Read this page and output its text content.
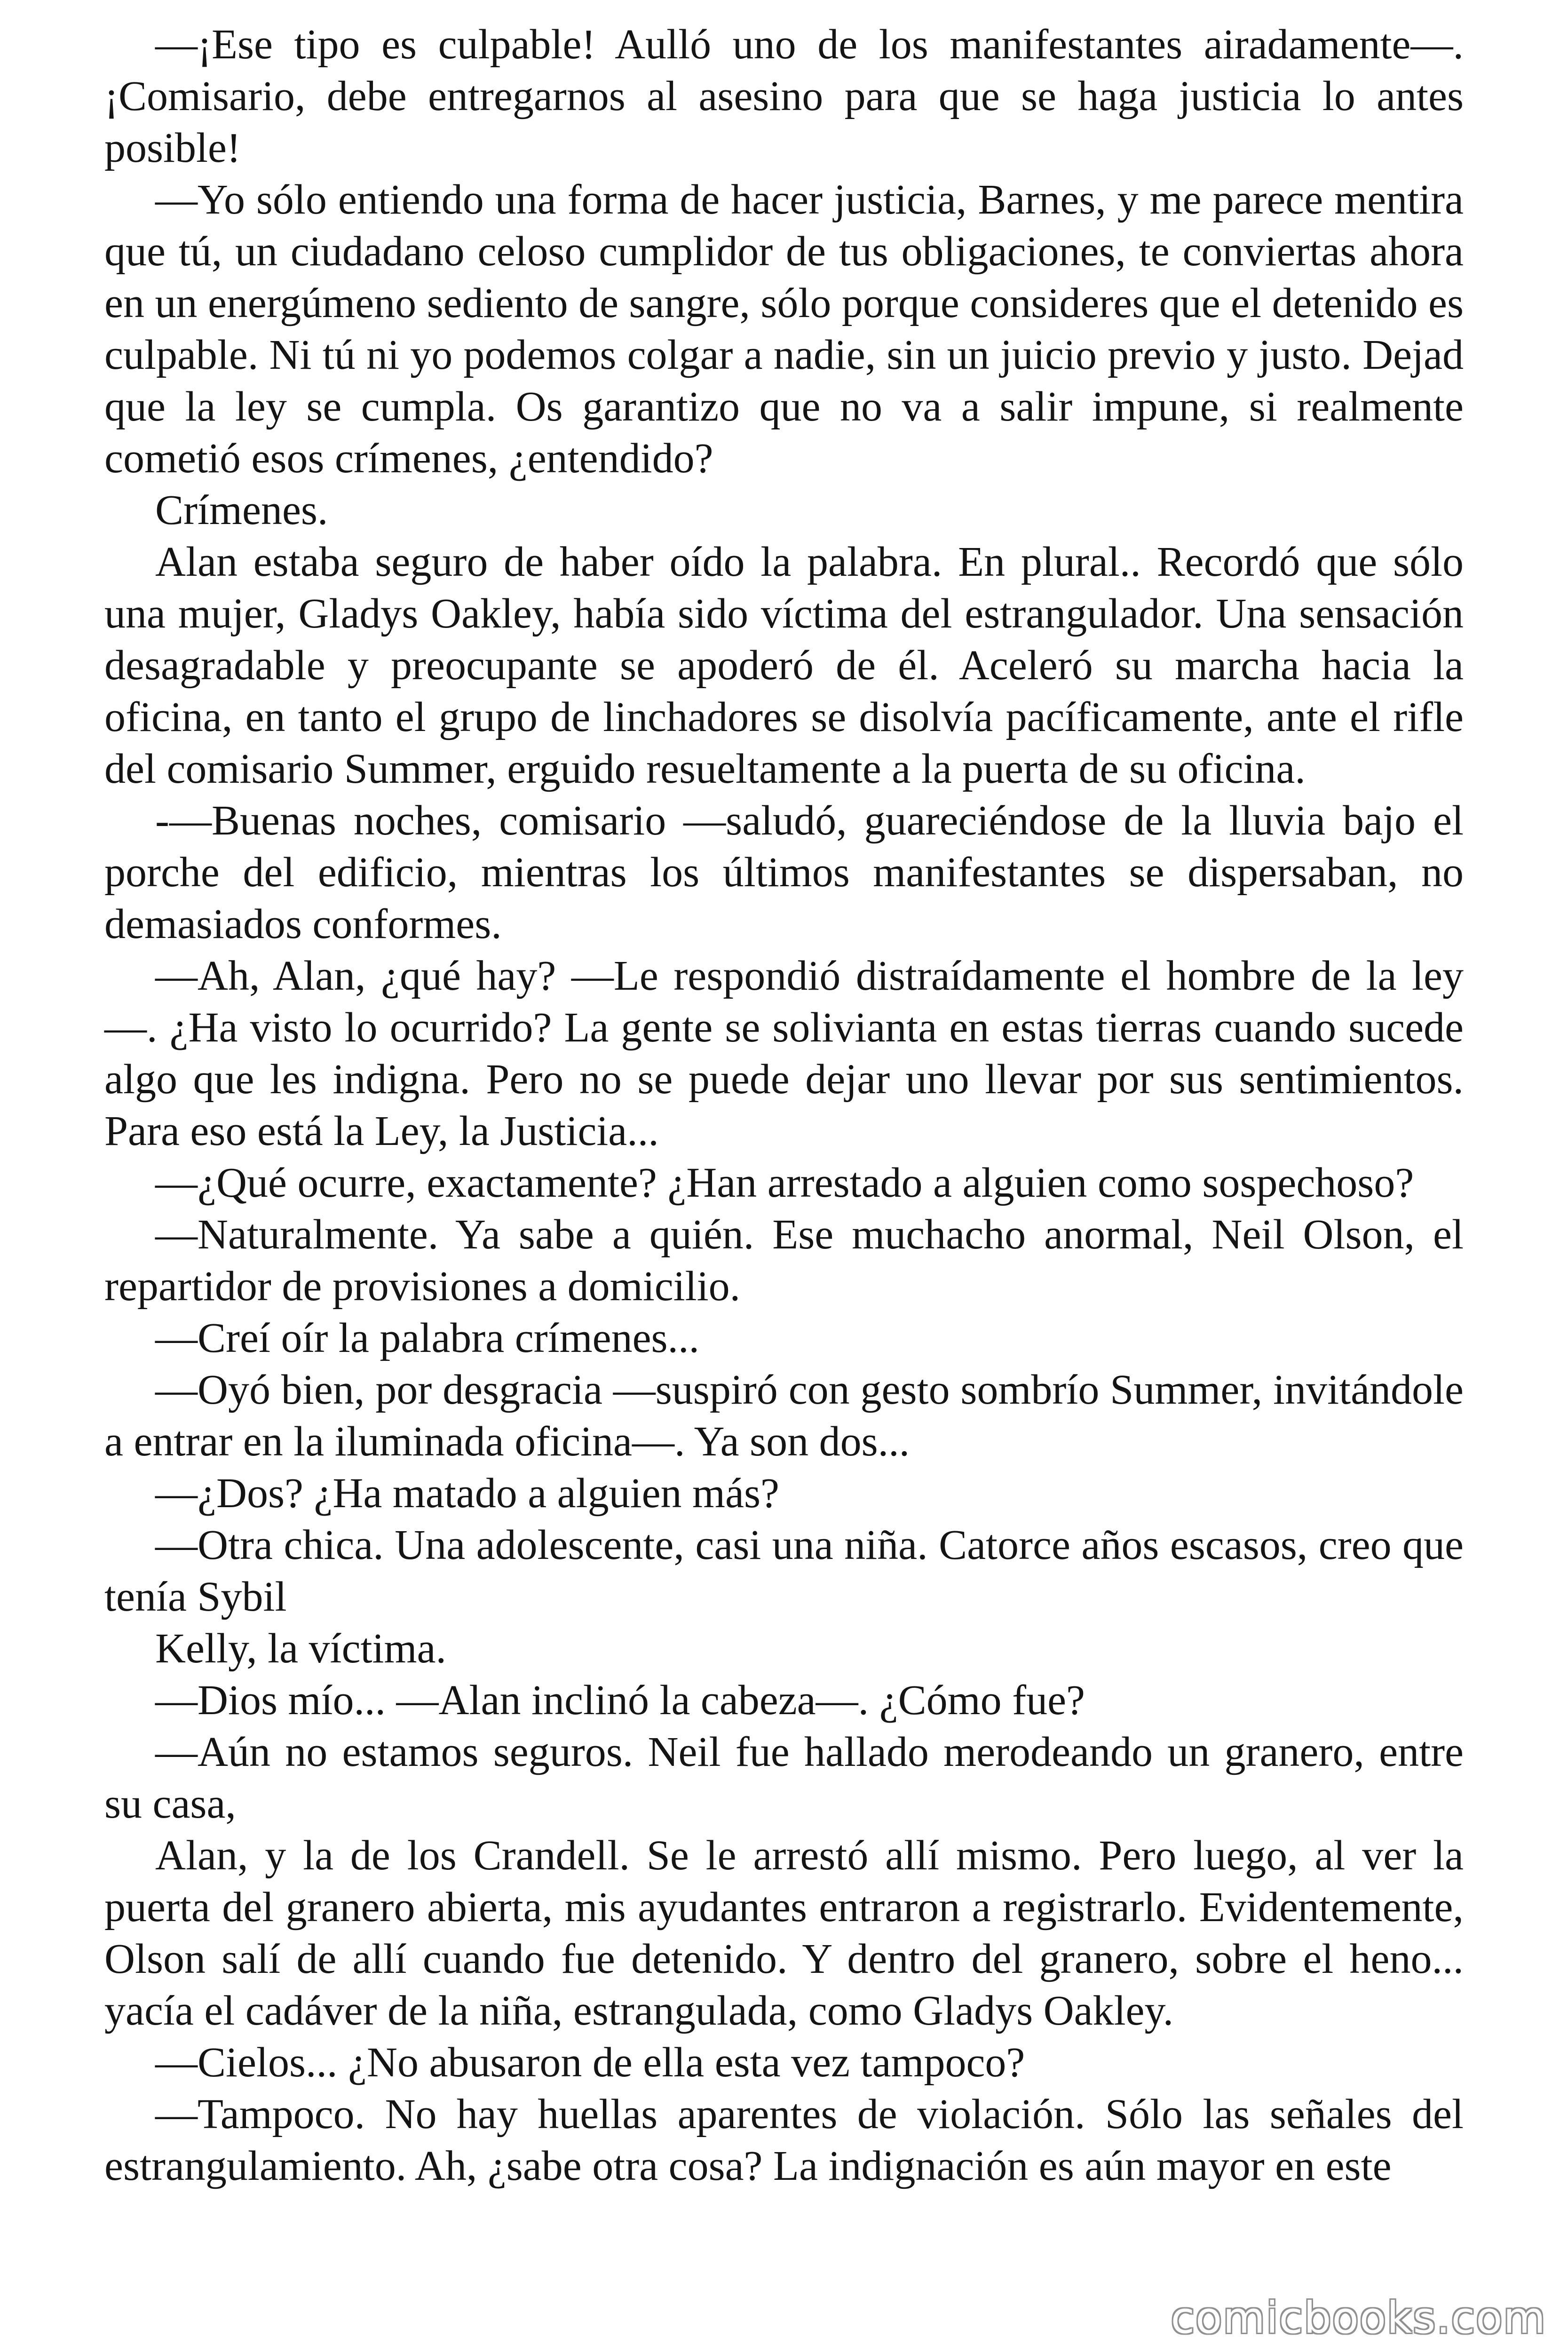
—¡Ese tipo es culpable! Aulló uno de los manifestantes airadamente—. ¡Comisario, debe entregarnos al asesino para que se haga justicia lo antes posible!

—Yo sólo entiendo una forma de hacer justicia, Barnes, y me parece mentira que tú, un ciudadano celoso cumplidor de tus obligaciones, te conviertas ahora en un energúmeno sediento de sangre, sólo porque consideres que el detenido es culpable. Ni tú ni yo podemos colgar a nadie, sin un juicio previo y justo. Dejad que la ley se cumpla. Os garantizo que no va a salir impune, si realmente cometió esos crímenes, ¿entendido?

Crímenes.

Alan estaba seguro de haber oído la palabra. En plural.. Recordó que sólo una mujer, Gladys Oakley, había sido víctima del estrangulador. Una sensación desagradable y preocupante se apoderó de él. Aceleró su marcha hacia la oficina, en tanto el grupo de linchadores se disolvía pacíficamente, ante el rifle del comisario Summer, erguido resueltamente a la puerta de su oficina.

-—Buenas noches, comisario —saludó, guareciéndose de la lluvia bajo el porche del edificio, mientras los últimos manifestantes se dispersaban, no demasiados conformes.

—Ah, Alan, ¿qué hay? —Le respondió distraídamente el hombre de la ley —. ¿Ha visto lo ocurrido? La gente se solivianta en estas tierras cuando sucede algo que les indigna. Pero no se puede dejar uno llevar por sus sentimientos. Para eso está la Ley, la Justicia...

—¿Qué ocurre, exactamente? ¿Han arrestado a alguien como sospechoso?

—Naturalmente. Ya sabe a quién. Ese muchacho anormal, Neil Olson, el repartidor de provisiones a domicilio.

—Creí oír la palabra crímenes...

—Oyó bien, por desgracia —suspiró con gesto sombrío Summer, invitándole a entrar en la iluminada oficina—. Ya son dos...

—¿Dos? ¿Ha matado a alguien más?

—Otra chica. Una adolescente, casi una niña. Catorce años escasos, creo que tenía Sybil

Kelly, la víctima.

—Dios mío... —Alan inclinó la cabeza—. ¿Cómo fue?

—Aún no estamos seguros. Neil fue hallado merodeando un granero, entre su casa,

Alan, y la de los Crandell. Se le arrestó allí mismo. Pero luego, al ver la puerta del granero abierta, mis ayudantes entraron a registrarlo. Evidentemente, Olson salí de allí cuando fue detenido. Y dentro del granero, sobre el heno... yacía el cadáver de la niña, estrangulada, como Gladys Oakley.

—Cielos... ¿No abusaron de ella esta vez tampoco?

—Tampoco. No hay huellas aparentes de violación. Sólo las señales del estrangulamiento. Ah, ¿sabe otra cosa? La indignación es aún mayor en este

comicbooks.com
